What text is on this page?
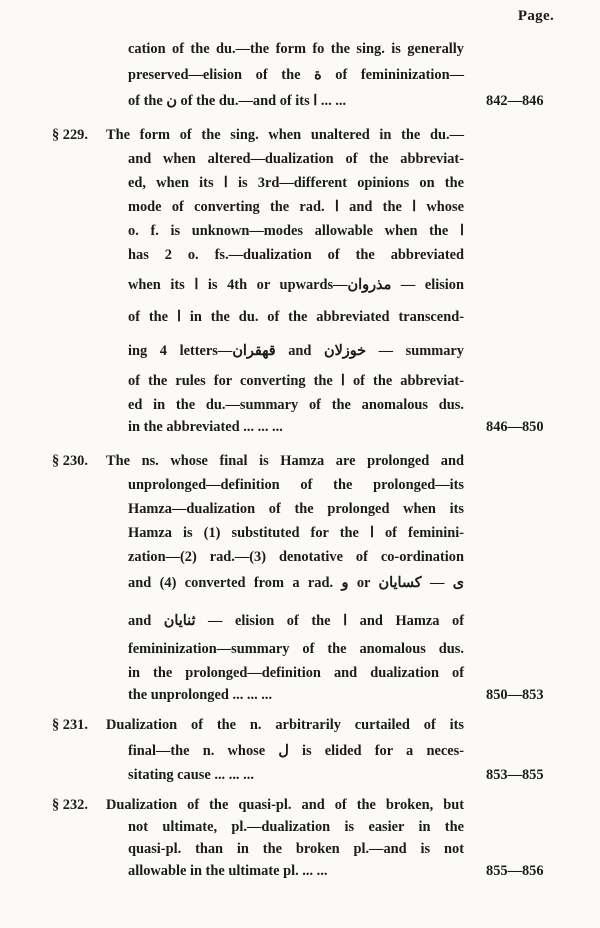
Page.
cation of the du.—the form fo the sing. is generally
preserved—elision of the ة of femininization—
of the ن of the du.—and of its ا ... ...	842—846
§ 229. The form of the sing. when unaltered in the du.—
and when altered—dualization of the abbreviat-
ed, when its ا is 3rd—different opinions on the
mode of converting the rad. ا and the ا whose
o. f. is unknown—modes allowable when the ا
has 2 o. fs.—dualization of the abbreviated
when its ا is 4th or upwards—مذروان — elision
of the ا in the du. of the abbreviated transcend-
ing 4 letters—قهقران and خوزلان — summary
of the rules for converting the ا of the abbreviat-
ed in the du.—summary of the anomalous dus.
in the abbreviated ... ... ...	846—850
§ 230. The ns. whose final is Hamza are prolonged and
unprolonged—definition of the prolonged—its
Hamza—dualization of the prolonged when its
Hamza is (1) substituted for the ا of feminini-
zation—(2) rad.—(3) denotative of co-ordination
and (4) converted from a rad. و or ى — كسايان
and ثنايان — elision of the ا and Hamza of
femininization—summary of the anomalous dus.
in the prolonged—definition and dualization of
the unprolonged ... ... ...	850—853
§ 231. Dualization of the n. arbitrarily curtailed of its
final—the n. whose ل is elided for a neces-
sitating cause ... ... ...	853—855
§ 232. Dualization of the quasi-pl. and of the broken, but
not ultimate, pl.—dualization is easier in the
quasi-pl. than in the broken pl.—and is not
allowable in the ultimate pl. ... ...	855—856
